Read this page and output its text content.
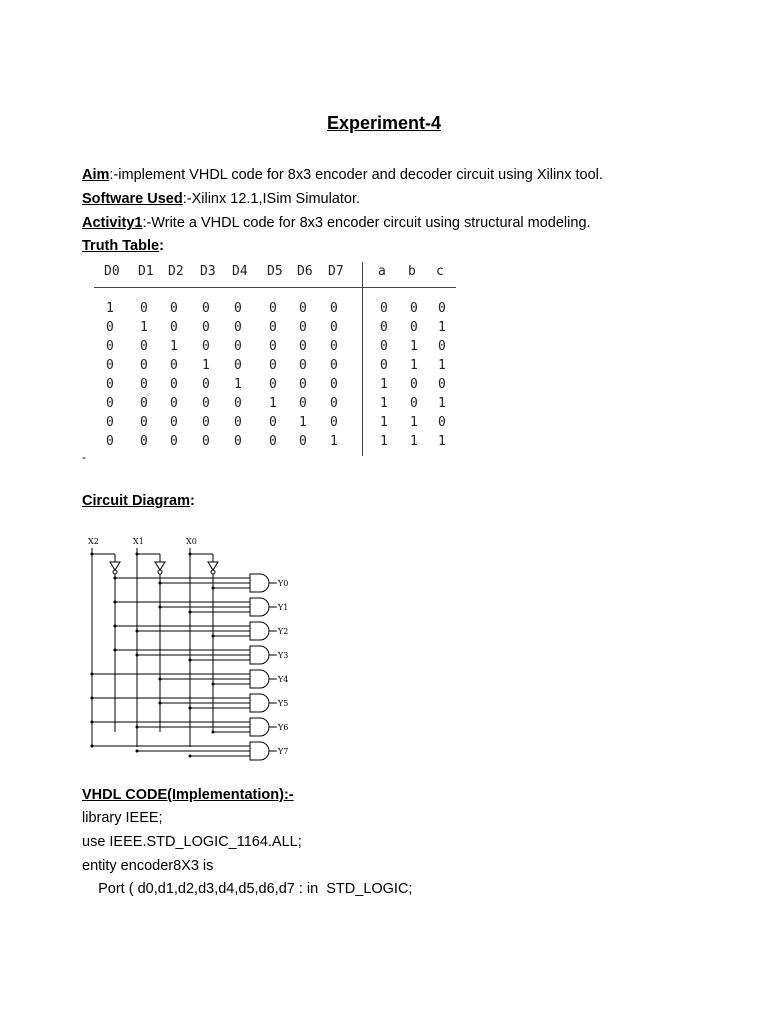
Experiment-4
Aim:-implement VHDL code for 8x3 encoder and decoder circuit using Xilinx tool.
Software Used:-Xilinx 12.1,ISim Simulator.
Activity1:-Write a VHDL code for 8x3 encoder circuit using structural modeling.
Truth Table:
D0 D1 D2 D3 D4 D5 D6 D7	a b c
1 0 0 0 0 0 0 0	0 0 0
0 1 0 0 0 0 0 0	0 0 1
0 0 1 0 0 0 0 0	0 1 0
0 0 0 1 0 0 0 0	0 1 1
0 0 0 0 1 0 0 0	1 0 0
0 0 0 0 0 1 0 0	1 0 1
0 0 0 0 0 0 1 0	1 1 0
0 0 0 0 0 0 0 1	1 1 1
-
Circuit Diagram:
X2	X1	X0
Y0
Y1
Y2
Y3
Y4
Y5
Y6
Y7
VHDL CODE(Implementation):-
library IEEE;
use IEEE.STD_LOGIC_1164.ALL;
entity encoder8X3 is
Port ( d0,d1,d2,d3,d4,d5,d6,d7 : in  STD_LOGIC;
